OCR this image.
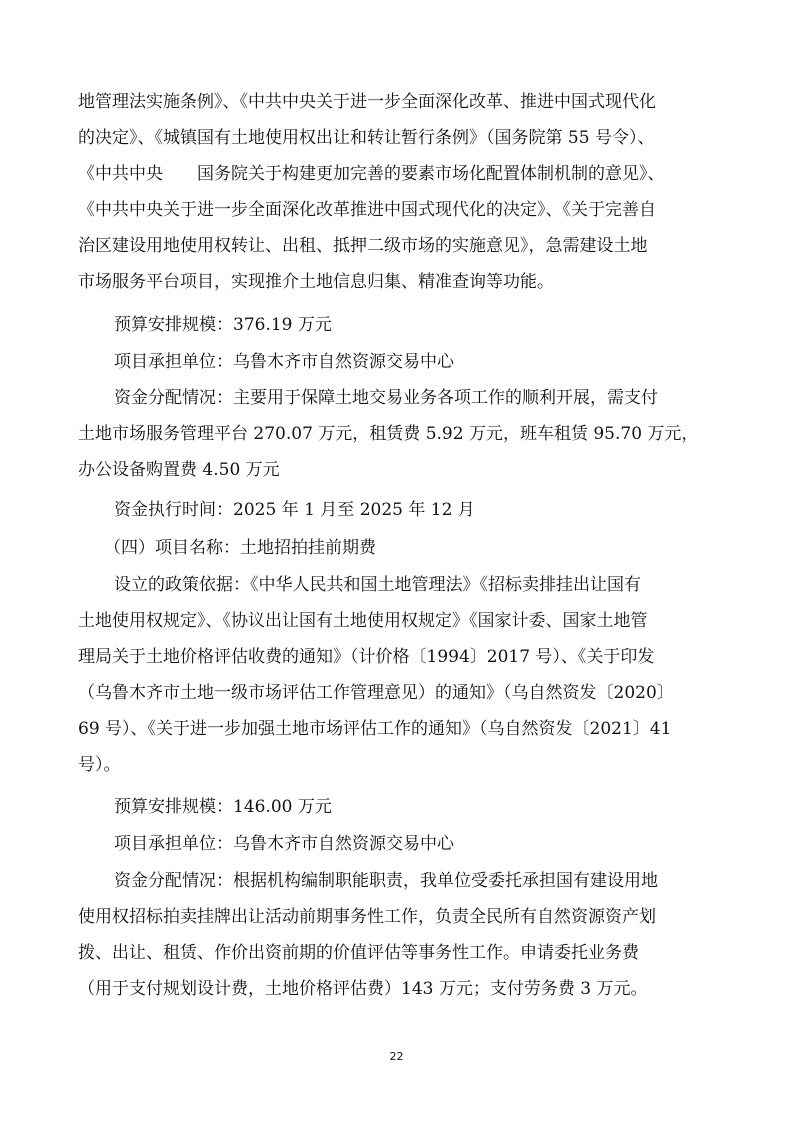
地管理法实施条例》、《中共中央关于进一步全面深化改革、推进中国式现代化
的决定》、《城镇国有土地使用权出让和转让暂行条例》（国务院第 55 号令）、
《中共中央　　国务院关于构建更加完善的要素市场化配置体制机制的意见》、
《中共中央关于进一步全面深化改革推进中国式现代化的决定》、《关于完善自
治区建设用地使用权转让、出租、抵押二级市场的实施意见》，急需建设土地
市场服务平台项目，实现推介土地信息归集、精准查询等功能。
预算安排规模：376.19 万元
项目承担单位：乌鲁木齐市自然资源交易中心
资金分配情况：主要用于保障土地交易业务各项工作的顺利开展，需支付
土地市场服务管理平台 270.07 万元，租赁费 5.92 万元，班车租赁 95.70 万元，
办公设备购置费 4.50 万元
资金执行时间：2025 年 1 月至 2025 年 12 月
（四）项目名称：土地招拍挂前期费
设立的政策依据：《中华人民共和国土地管理法》《招标卖排挂出让国有
土地使用权规定》、《协议出让国有土地使用权规定》《国家计委、国家土地管
理局关于土地价格评估收费的通知》（计价格〔1994〕2017 号）、《关于印发
（乌鲁木齐市土地一级市场评估工作管理意见）的通知》（乌自然资发〔2020〕
69 号）、《关于进一步加强土地市场评估工作的通知》（乌自然资发〔2021〕41
号）。
预算安排规模：146.00 万元
项目承担单位：乌鲁木齐市自然资源交易中心
资金分配情况：根据机构编制职能职责，我单位受委托承担国有建设用地
使用权招标拍卖挂牌出让活动前期事务性工作，负责全民所有自然资源资产划
拨、出让、租赁、作价出资前期的价值评估等事务性工作。申请委托业务费
（用于支付规划设计费，土地价格评估费）143 万元；支付劳务费 3 万元。
22
